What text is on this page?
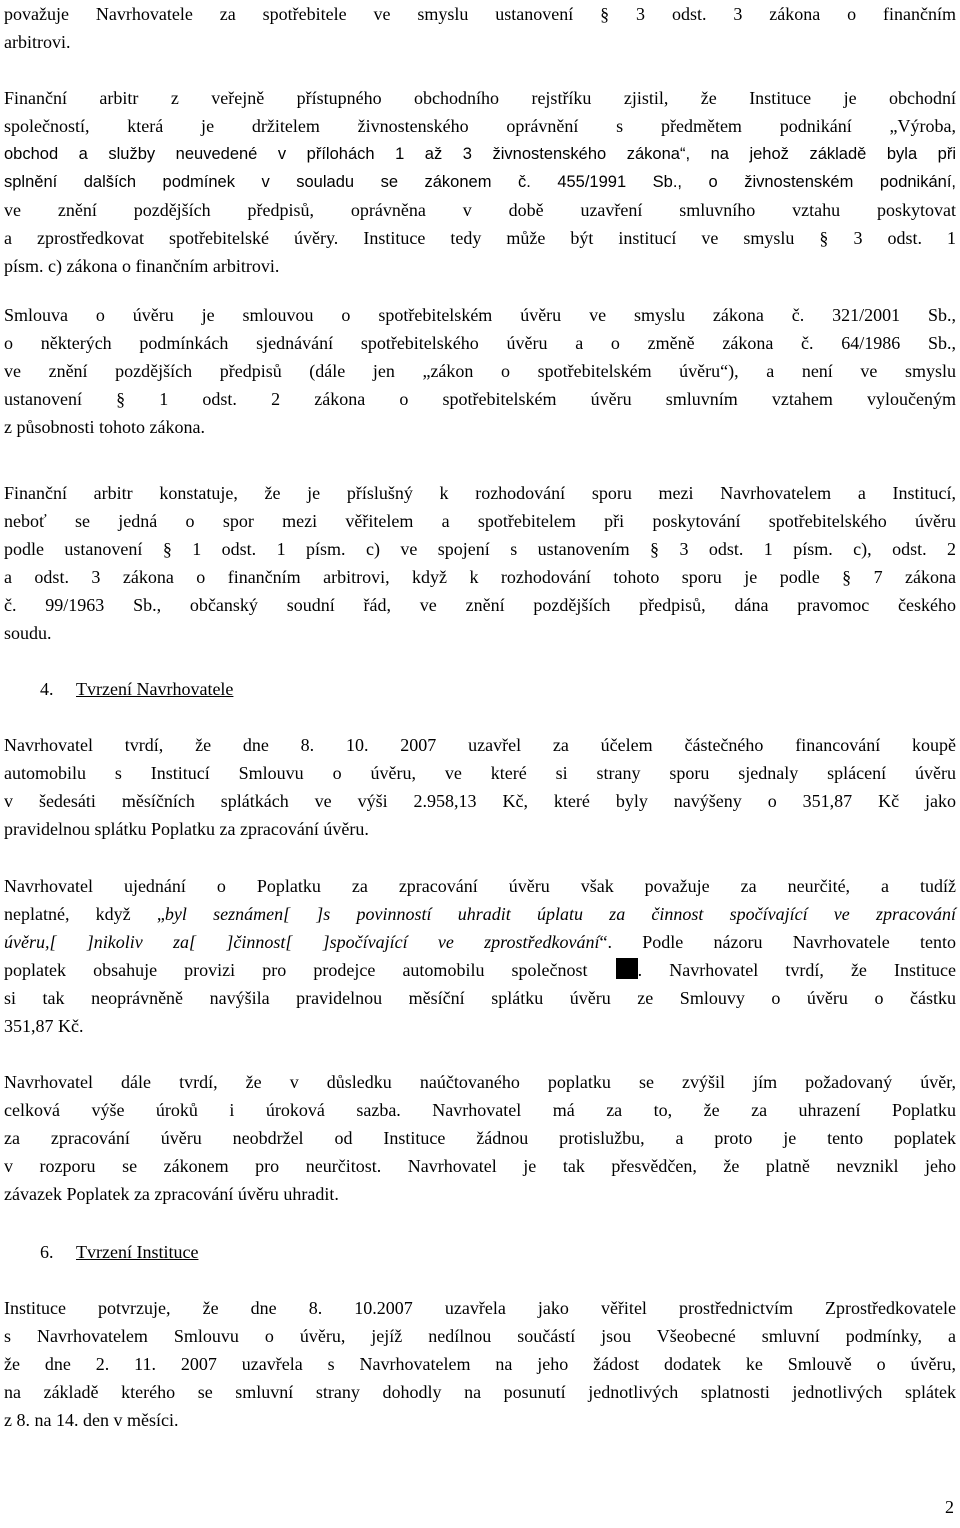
považuje Navrhovatele za spotřebitele ve smyslu ustanovení § 3 odst. 3 zákona o finančním
arbitrovi.
Finanční arbitr z veřejně přístupného obchodního rejstříku zjistil, že Instituce je obchodní
společností, která je držitelem živnostenského oprávnění s předmětem podnikání „Výroba,
obchod a služby neuvedené v přílohách 1 až 3 živnostenského zákona“, na jehož základě byla při
splnění dalších podmínek v souladu se zákonem č. 455/1991 Sb., o živnostenském podnikání,
ve znění pozdějších předpisů, oprávněna v době uzavření smluvního vztahu poskytovat
a zprostředkovat spotřebitelské úvěry. Instituce tedy může být institucí ve smyslu § 3 odst. 1
písm. c) zákona o finančním arbitrovi.
Smlouva o úvěru je smlouvou o spotřebitelském úvěru ve smyslu zákona č. 321/2001 Sb.,
o některých podmínkách sjednávání spotřebitelského úvěru a o změně zákona č. 64/1986 Sb.,
ve znění pozdějších předpisů (dále jen „zákon o spotřebitelském úvěru“), a není ve smyslu
ustanovení § 1 odst. 2 zákona o spotřebitelském úvěru smluvním vztahem vyloučeným
z působnosti tohoto zákona.
Finanční arbitr konstatuje, že je příslušný k rozhodování sporu mezi Navrhovatelem a Institucí,
neboť se jedná o spor mezi věřitelem a spotřebitelem při poskytování spotřebitelského úvěru
podle ustanovení § 1 odst. 1 písm. c) ve spojení s ustanovením § 3 odst. 1 písm. c), odst. 2
a odst. 3 zákona o finančním arbitrovi, když k rozhodování tohoto sporu je podle § 7 zákona
č. 99/1963 Sb., občanský soudní řád, ve znění pozdějších předpisů, dána pravomoc českého
soudu.
4. Tvrzení Navrhovatele
Navrhovatel tvrdí, že dne 8. 10. 2007 uzavřel za účelem částečného financování koupě
automobilu s Institucí Smlouvu o úvěru, ve které si strany sporu sjednaly splácení úvěru
v šedesáti měsíčních splátkách ve výši 2.958,13 Kč, které byly navýšeny o 351,87 Kč jako
pravidelnou splátku Poplatku za zpracování úvěru.
Navrhovatel ujednání o Poplatku za zpracování úvěru však považuje za neurčité, a tudíž
neplatné, když „byl seznámen[ ]s povinností uhradit úplatu za činnost spočívající ve zpracování
úvěru,[ ]nikoliv za[ ]činnost[ ]spočívající ve zprostředkování“. Podle názoru Navrhovatele tento
poplatek obsahuje provizi pro prodejce automobilu společnost . Navrhovatel tvrdí, že Instituce
si tak neoprávněně navýšila pravidelnou měsíční splátku úvěru ze Smlouvy o úvěru o částku
351,87 Kč.
Navrhovatel dále tvrdí, že v důsledku naúčtovaného poplatku se zvýšil jím požadovaný úvěr,
celková výše úroků i úroková sazba. Navrhovatel má za to, že za uhrazení Poplatku
za zpracování úvěru neobdržel od Instituce žádnou protislužbu, a proto je tento poplatek
v rozporu se zákonem pro neurčitost. Navrhovatel je tak přesvědčen, že platně nevznikl jeho
závazek Poplatek za zpracování úvěru uhradit.
6. Tvrzení Instituce
Instituce potvrzuje, že dne 8. 10.2007 uzavřela jako věřitel prostřednictvím Zprostředkovatele
s Navrhovatelem Smlouvu o úvěru, jejíž nedílnou součástí jsou Všeobecné smluvní podmínky, a
že dne 2. 11. 2007 uzavřela s Navrhovatelem na jeho žádost dodatek ke Smlouvě o úvěru,
na základě kterého se smluvní strany dohodly na posunutí jednotlivých splatnosti jednotlivých splátek
z 8. na 14. den v měsíci.
2
